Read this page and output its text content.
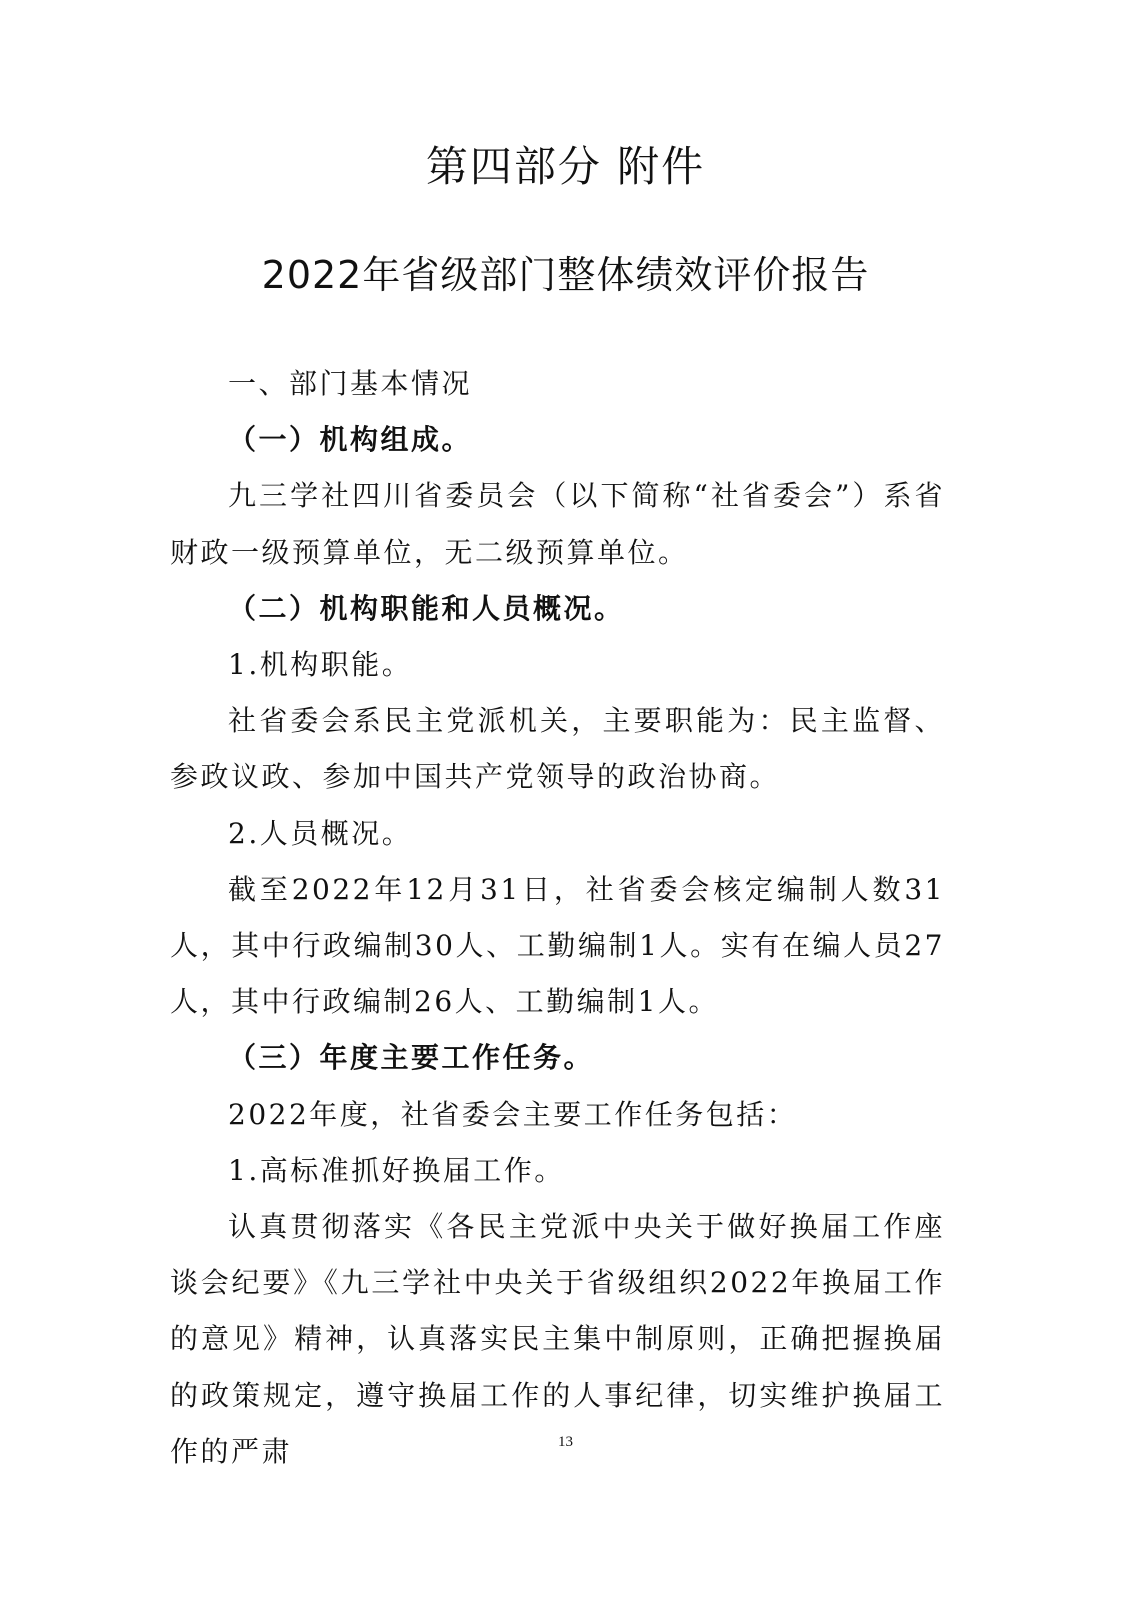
第四部分 附件
2022年省级部门整体绩效评价报告

一、部门基本情况

（一）机构组成。

九三学社四川省委员会（以下简称“社省委会”）系省财政一级预算单位，无二级预算单位。

（二）机构职能和人员概况。

1.机构职能。

社省委会系民主党派机关，主要职能为：民主监督、参政议政、参加中国共产党领导的政治协商。

2.人员概况。

截至2022年12月31日，社省委会核定编制人数31人，其中行政编制30人、工勤编制1人。实有在编人员27人，其中行政编制26人、工勤编制1人。

（三）年度主要工作任务。

2022年度，社省委会主要工作任务包括：

1.高标准抓好换届工作。

认真贯彻落实《各民主党派中央关于做好换届工作座谈会纪要》《九三学社中央关于省级组织2022年换届工作的意见》精神，认真落实民主集中制原则，正确把握换届的政策规定，遵守换届工作的人事纪律，切实维护换届工作的严肃	13
